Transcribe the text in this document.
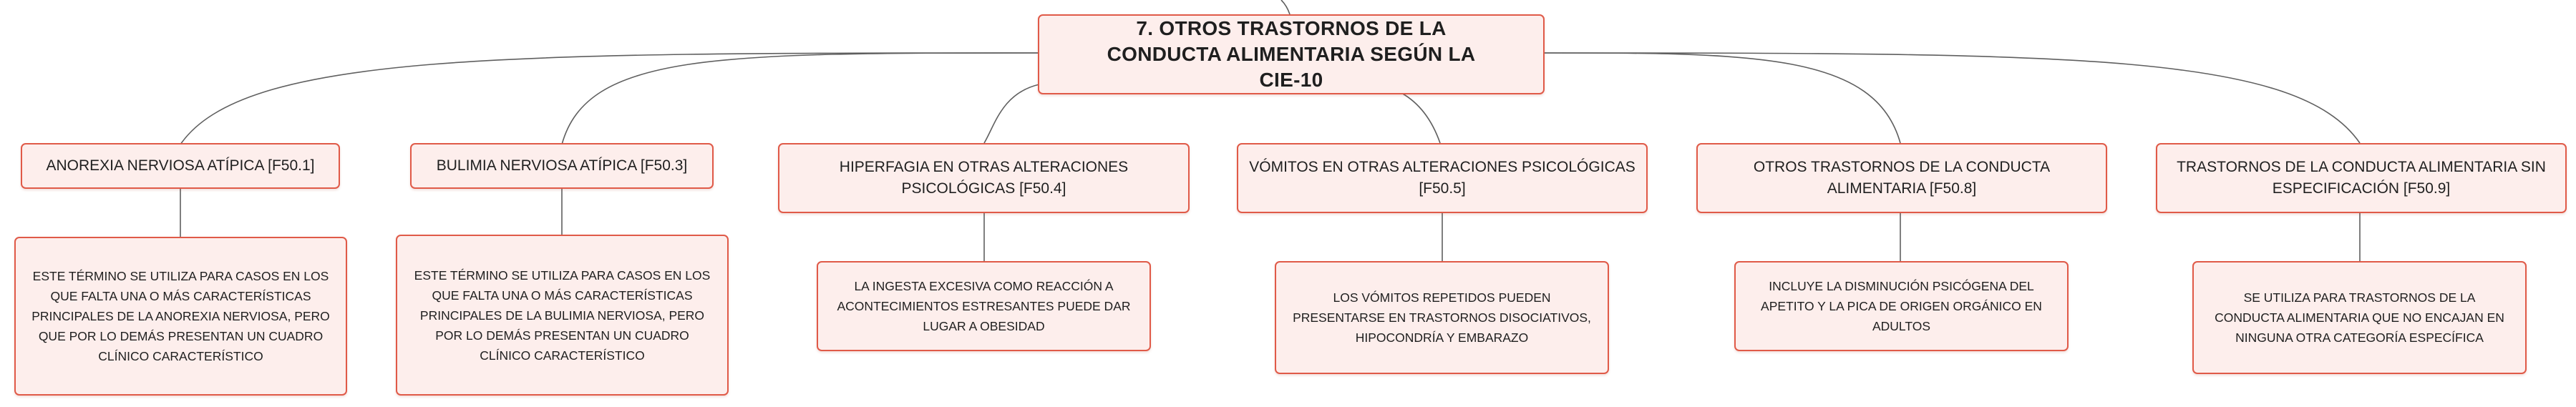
7. OTROS TRASTORNOS DE LA CONDUCTA ALIMENTARIA SEGÚN LA CIE-10
ANOREXIA NERVIOSA ATÍPICA [F50.1]	BULIMIA NERVIOSA ATÍPICA [F50.3]	HIPERFAGIA EN OTRAS ALTERACIONES PSICOLÓGICAS [F50.4]
VÓMITOS EN OTRAS ALTERACIONES PSICOLÓGICAS [F50.5]
OTROS TRASTORNOS DE LA CONDUCTA ALIMENTARIA [F50.8]
TRASTORNOS DE LA CONDUCTA ALIMENTARIA SIN ESPECIFICACIÓN [F50.9]
ESTE TÉRMINO SE UTILIZA PARA CASOS EN LOS QUE FALTA UNA O MÁS CARACTERÍSTICAS PRINCIPALES DE LA ANOREXIA NERVIOSA, PERO QUE POR LO DEMÁS PRESENTAN UN CUADRO CLÍNICO CARACTERÍSTICO
ESTE TÉRMINO SE UTILIZA PARA CASOS EN LOS QUE FALTA UNA O MÁS CARACTERÍSTICAS PRINCIPALES DE LA BULIMIA NERVIOSA, PERO POR LO DEMÁS PRESENTAN UN CUADRO CLÍNICO CARACTERÍSTICO
LA INGESTA EXCESIVA COMO REACCIÓN A ACONTECIMIENTOS ESTRESANTES PUEDE DAR LUGAR A OBESIDAD
LOS VÓMITOS REPETIDOS PUEDEN PRESENTARSE EN TRASTORNOS DISOCIATIVOS, HIPOCONDRÍA Y EMBARAZO
INCLUYE LA DISMINUCIÓN PSICÓGENA DEL APETITO Y LA PICA DE ORIGEN ORGÁNICO EN ADULTOS
SE UTILIZA PARA TRASTORNOS DE LA CONDUCTA ALIMENTARIA QUE NO ENCAJAN EN NINGUNA OTRA CATEGORÍA ESPECÍFICA
